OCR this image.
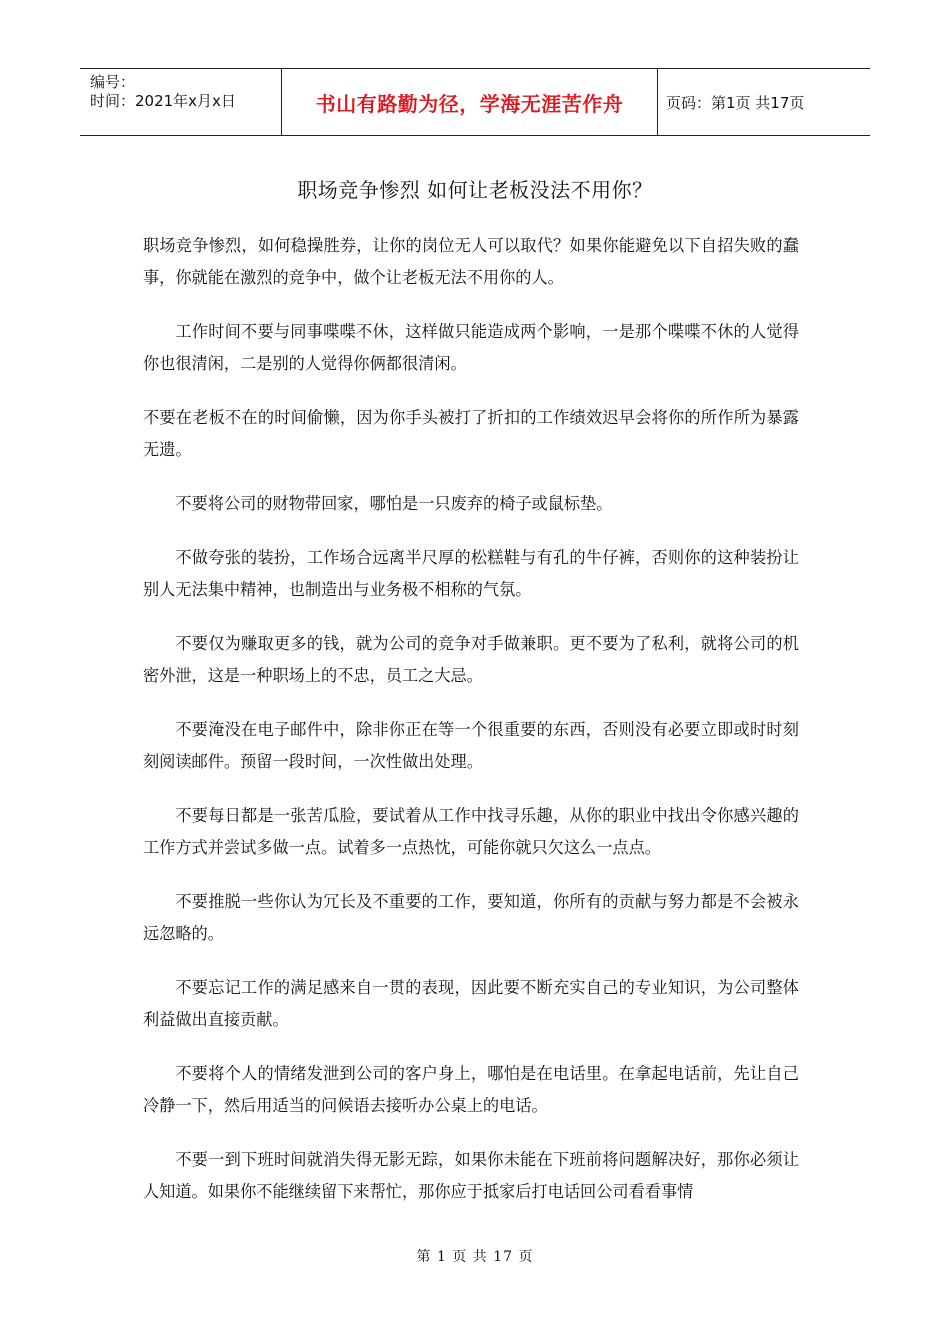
编号：
时间：2021年x月x日	书山有路勤为径，学海无涯苦作舟	页码：第1页 共17页
职场竞争惨烈 如何让老板没法不用你？

职场竞争惨烈，如何稳操胜券，让你的岗位无人可以取代？如果你能避免以下自招失败的蠢事，你就能在激烈的竞争中，做个让老板无法不用你的人。

工作时间不要与同事喋喋不休，这样做只能造成两个影响，一是那个喋喋不休的人觉得你也很清闲，二是别的人觉得你俩都很清闲。

不要在老板不在的时间偷懒，因为你手头被打了折扣的工作绩效迟早会将你的所作所为暴露无遗。

不要将公司的财物带回家，哪怕是一只废弃的椅子或鼠标垫。

不做夸张的装扮，工作场合远离半尺厚的松糕鞋与有孔的牛仔裤，否则你的这种装扮让别人无法集中精神，也制造出与业务极不相称的气氛。

不要仅为赚取更多的钱，就为公司的竞争对手做兼职。更不要为了私利，就将公司的机密外泄，这是一种职场上的不忠，员工之大忌。

不要淹没在电子邮件中，除非你正在等一个很重要的东西，否则没有必要立即或时时刻刻阅读邮件。预留一段时间，一次性做出处理。

不要每日都是一张苦瓜脸，要试着从工作中找寻乐趣，从你的职业中找出令你感兴趣的工作方式并尝试多做一点。试着多一点热忱，可能你就只欠这么一点点。

不要推脱一些你认为冗长及不重要的工作，要知道，你所有的贡献与努力都是不会被永远忽略的。

不要忘记工作的满足感来自一贯的表现，因此要不断充实自己的专业知识，为公司整体利益做出直接贡献。

不要将个人的情绪发泄到公司的客户身上，哪怕是在电话里。在拿起电话前，先让自己冷静一下，然后用适当的问候语去接听办公桌上的电话。

不要一到下班时间就消失得无影无踪，如果你未能在下班前将问题解决好，那你必须让人知道。如果你不能继续留下来帮忙，那你应于抵家后打电话回公司看看事情

第 1 页 共 17 页
